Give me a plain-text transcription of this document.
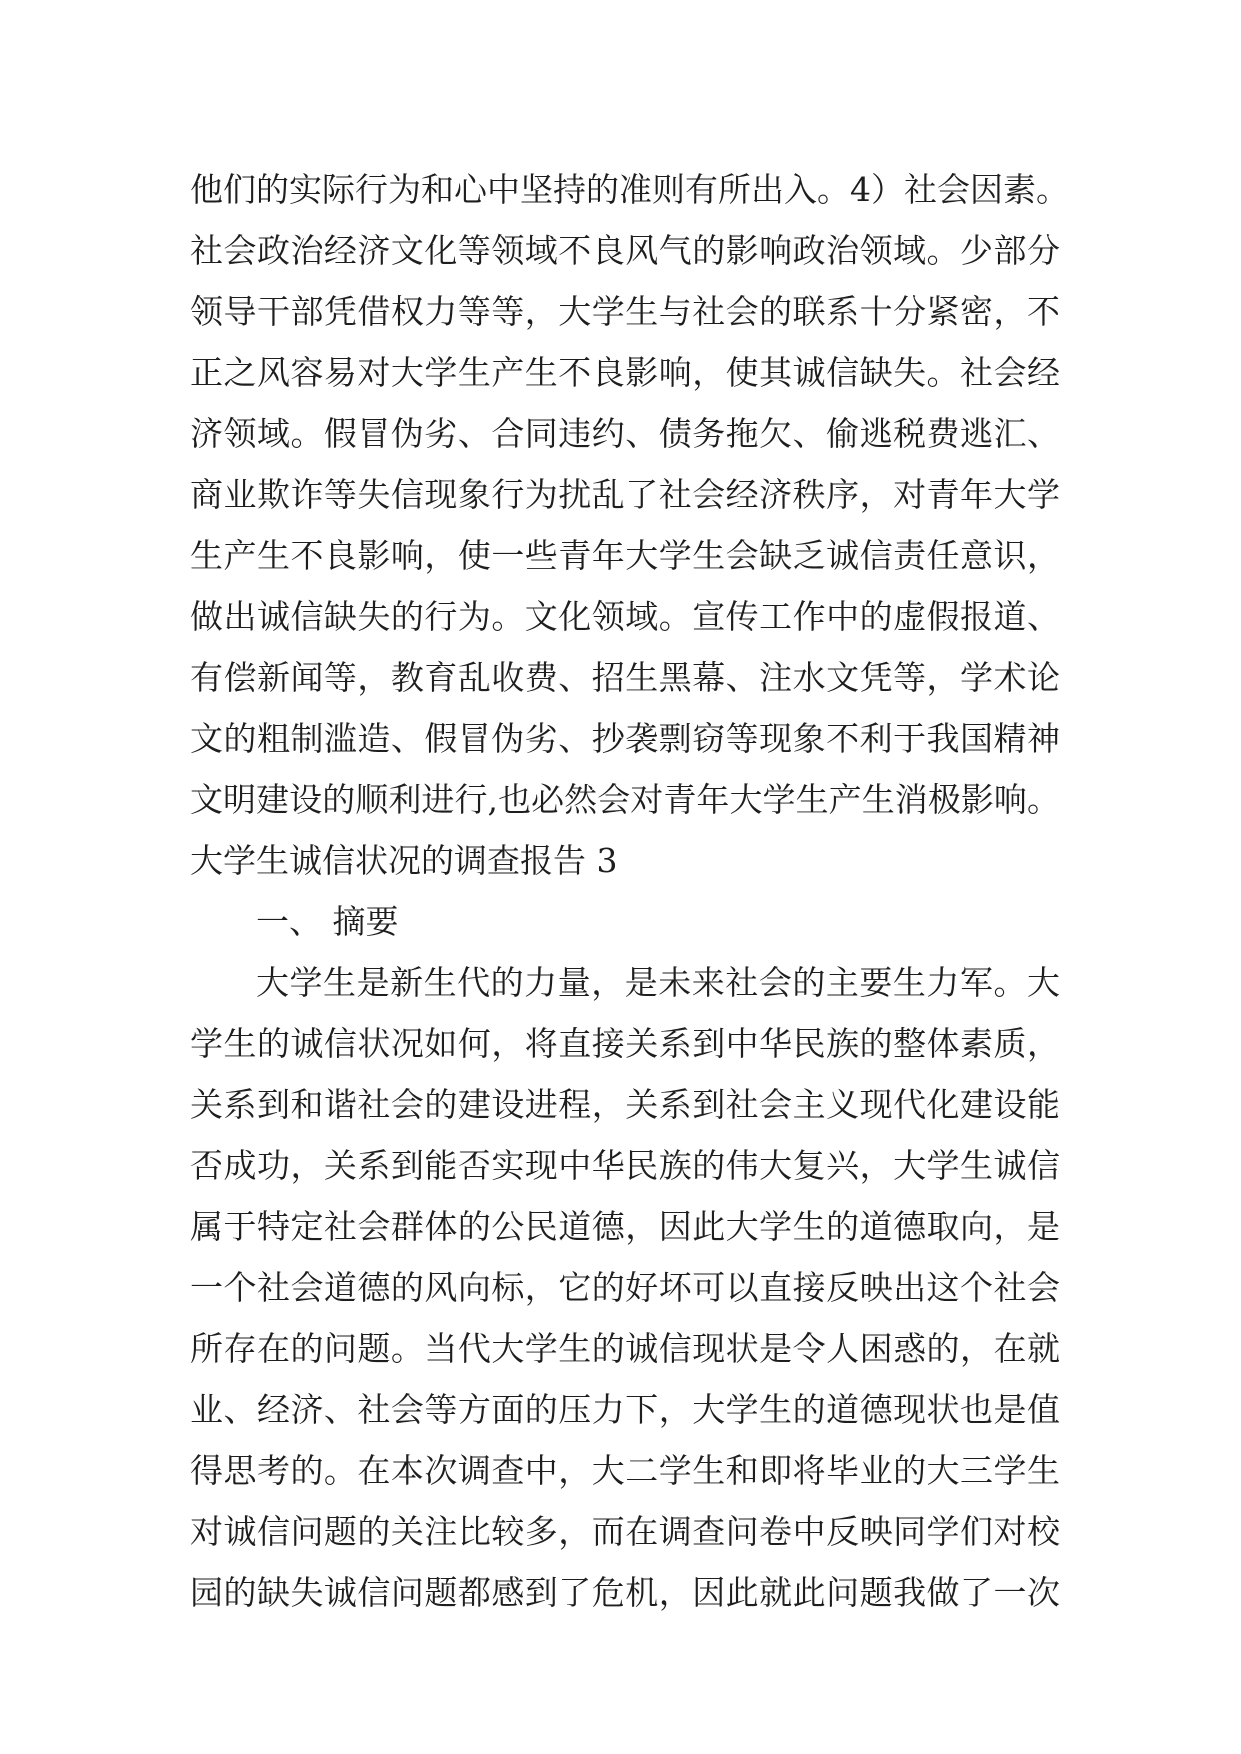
他们的实际行为和心中坚持的准则有所出入。4）社会因素。
社会政治经济文化等领域不良风气的影响政治领域。少部分
领导干部凭借权力等等，大学生与社会的联系十分紧密，不
正之风容易对大学生产生不良影响，使其诚信缺失。社会经
济领域。假冒伪劣、合同违约、债务拖欠、偷逃税费逃汇、
商业欺诈等失信现象行为扰乱了社会经济秩序，对青年大学
生产生不良影响，使一些青年大学生会缺乏诚信责任意识，
做出诚信缺失的行为。文化领域。宣传工作中的虚假报道、
有偿新闻等，教育乱收费、招生黑幕、注水文凭等，学术论
文的粗制滥造、假冒伪劣、抄袭剽窃等现象不利于我国精神
文明建设的顺利进行,也必然会对青年大学生产生消极影响。
大学生诚信状况的调查报告 3
一、 摘要
大学生是新生代的力量，是未来社会的主要生力军。大
学生的诚信状况如何，将直接关系到中华民族的整体素质，
关系到和谐社会的建设进程，关系到社会主义现代化建设能
否成功，关系到能否实现中华民族的伟大复兴，大学生诚信
属于特定社会群体的公民道德，因此大学生的道德取向，是
一个社会道德的风向标，它的好坏可以直接反映出这个社会
所存在的问题。当代大学生的诚信现状是令人困惑的，在就
业、经济、社会等方面的压力下，大学生的道德现状也是值
得思考的。在本次调查中，大二学生和即将毕业的大三学生
对诚信问题的关注比较多，而在调查问卷中反映同学们对校
园的缺失诚信问题都感到了危机，因此就此问题我做了一次
